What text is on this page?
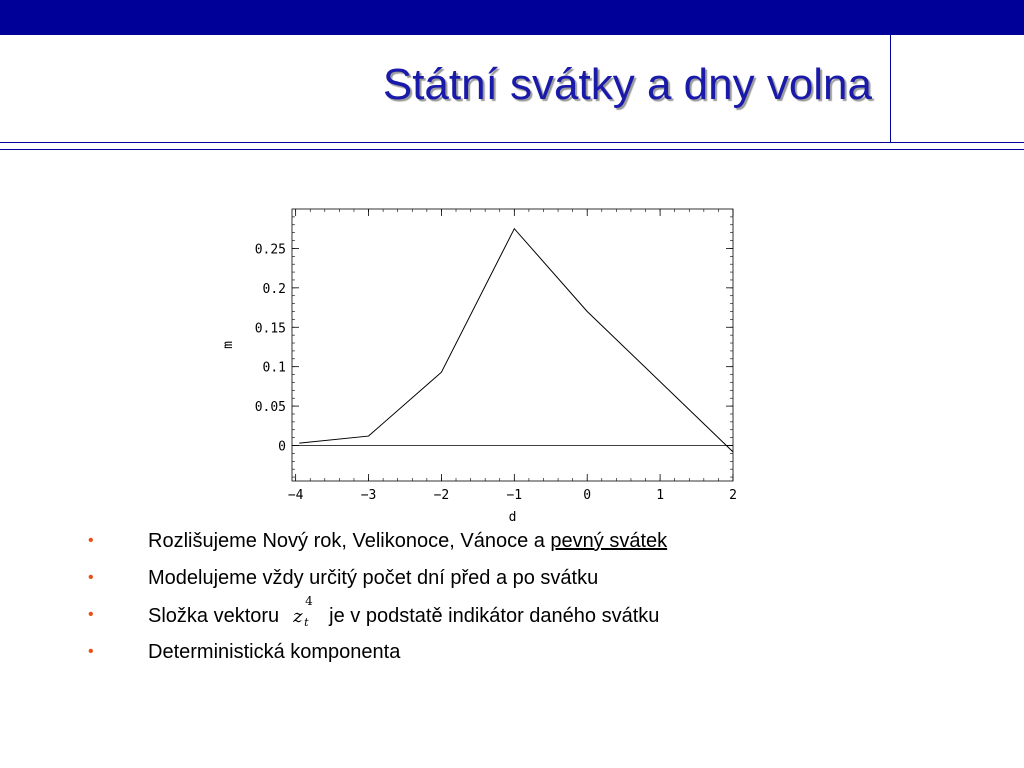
Státní svátky a dny volna
−4	−3	−2	−1	0	1	2
0
0.05
0.1
0.15
0.2
0.25
d
m
•	Rozlišujeme Nový rok, Velikonoce, Vánoce a pevný svátek
•	Modelujeme vždy určitý počet dní před a po svátku
•	Složka vektoru z
4
t je v podstatě indikátor daného svátku
•	Deterministická komponenta
